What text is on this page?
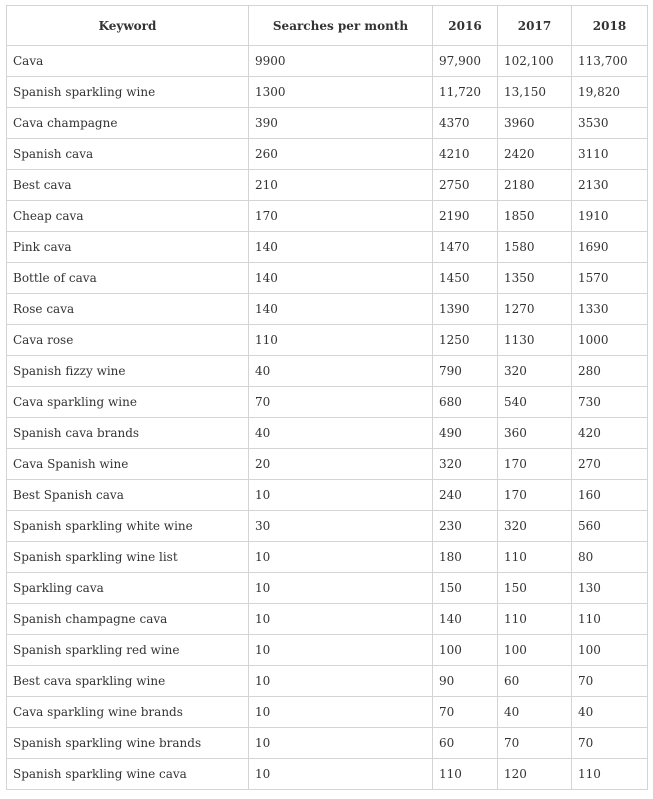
Keyword	Searches per month	2016	2017	2018
Cava	9900	97,900	102,100	113,700
Spanish sparkling wine	1300	11,720	13,150	19,820
Cava champagne	390	4370	3960	3530
Spanish cava	260	4210	2420	3110
Best cava	210	2750	2180	2130
Cheap cava	170	2190	1850	1910
Pink cava	140	1470	1580	1690
Bottle of cava	140	1450	1350	1570
Rose cava	140	1390	1270	1330
Cava rose	110	1250	1130	1000
Spanish fizzy wine	40	790	320	280
Cava sparkling wine	70	680	540	730
Spanish cava brands	40	490	360	420
Cava Spanish wine	20	320	170	270
Best Spanish cava	10	240	170	160
Spanish sparkling white wine	30	230	320	560
Spanish sparkling wine list	10	180	110	80
Sparkling cava	10	150	150	130
Spanish champagne cava	10	140	110	110
Spanish sparkling red wine	10	100	100	100
Best cava sparkling wine	10	90	60	70
Cava sparkling wine brands	10	70	40	40
Spanish sparkling wine brands	10	60	70	70
Spanish sparkling wine cava	10	110	120	110
